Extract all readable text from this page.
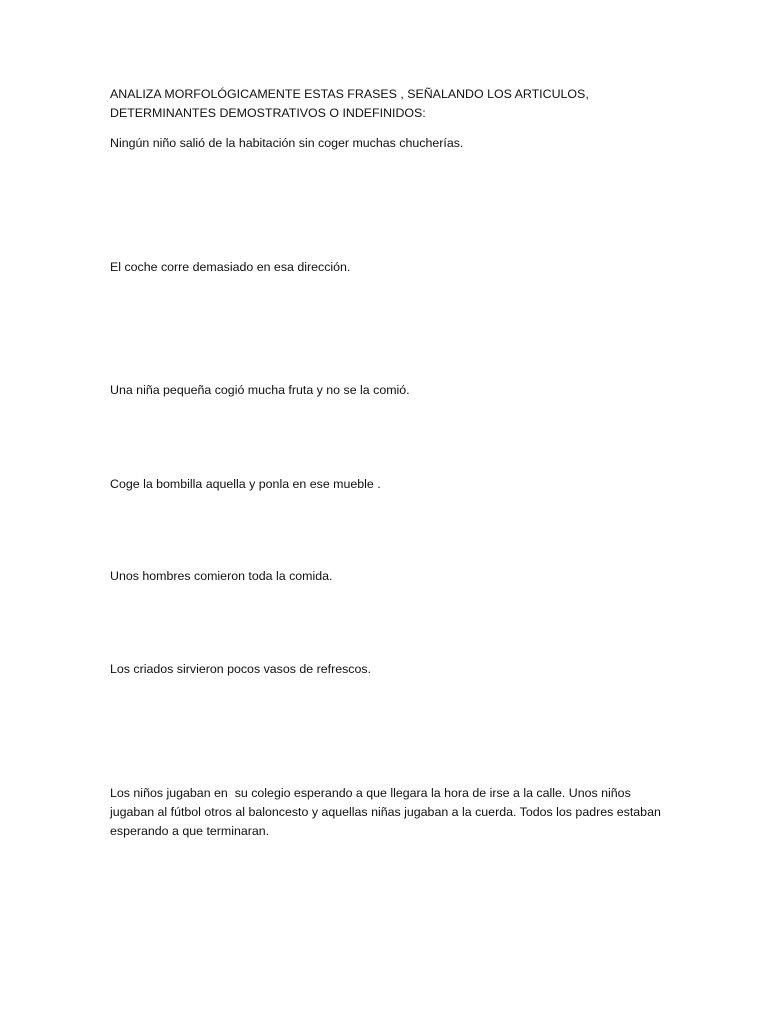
ANALIZA MORFOLÓGICAMENTE ESTAS FRASES , SEÑALANDO LOS ARTICULOS, DETERMINANTES DEMOSTRATIVOS O INDEFINIDOS:

Ningún niño salió de la habitación sin coger muchas chucherías.

El coche corre demasiado en esa dirección.

Una niña pequeña cogió mucha fruta y no se la comió.

Coge la bombilla aquella y ponla en ese mueble .

Unos hombres comieron toda la comida.

Los criados sirvieron pocos vasos de refrescos.

Los niños jugaban en  su colegio esperando a que llegara la hora de irse a la calle. Unos niños jugaban al fútbol otros al baloncesto y aquellas niñas jugaban a la cuerda. Todos los padres estaban esperando a que terminaran.
